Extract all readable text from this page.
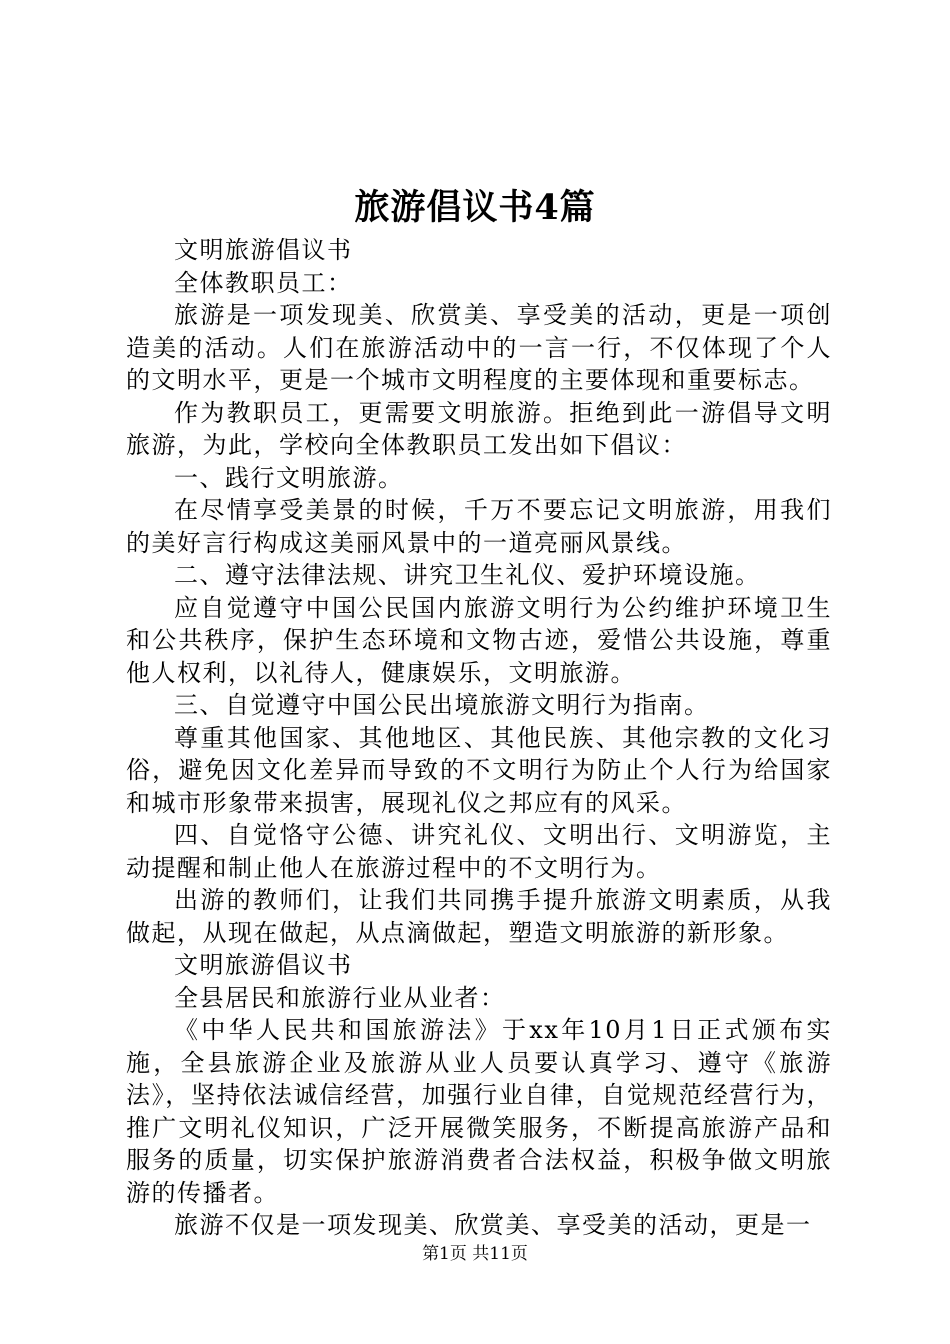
旅游倡议书4篇

文明旅游倡议书

全体教职员工：

旅游是一项发现美、欣赏美、享受美的活动，更是一项创造美的活动。人们在旅游活动中的一言一行，不仅体现了个人的文明水平，更是一个城市文明程度的主要体现和重要标志。

作为教职员工，更需要文明旅游。拒绝到此一游倡导文明旅游，为此，学校向全体教职员工发出如下倡议：

一、践行文明旅游。

在尽情享受美景的时候，千万不要忘记文明旅游，用我们的美好言行构成这美丽风景中的一道亮丽风景线。

二、遵守法律法规、讲究卫生礼仪、爱护环境设施。

应自觉遵守中国公民国内旅游文明行为公约维护环境卫生和公共秩序，保护生态环境和文物古迹，爱惜公共设施，尊重他人权利，以礼待人，健康娱乐，文明旅游。

三、自觉遵守中国公民出境旅游文明行为指南。

尊重其他国家、其他地区、其他民族、其他宗教的文化习俗，避免因文化差异而导致的不文明行为防止个人行为给国家和城市形象带来损害，展现礼仪之邦应有的风采。

四、自觉恪守公德、讲究礼仪、文明出行、文明游览，主动提醒和制止他人在旅游过程中的不文明行为。

出游的教师们，让我们共同携手提升旅游文明素质，从我做起，从现在做起，从点滴做起，塑造文明旅游的新形象。

文明旅游倡议书

全县居民和旅游行业从业者：

《中华人民共和国旅游法》于xx年10月1日正式颁布实施，全县旅游企业及旅游从业人员要认真学习、遵守《旅游法》，坚持依法诚信经营，加强行业自律，自觉规范经营行为，推广文明礼仪知识，广泛开展微笑服务，不断提高旅游产品和服务的质量，切实保护旅游消费者合法权益，积极争做文明旅游的传播者。

旅游不仅是一项发现美、欣赏美、享受美的活动，更是一

第1页 共11页
